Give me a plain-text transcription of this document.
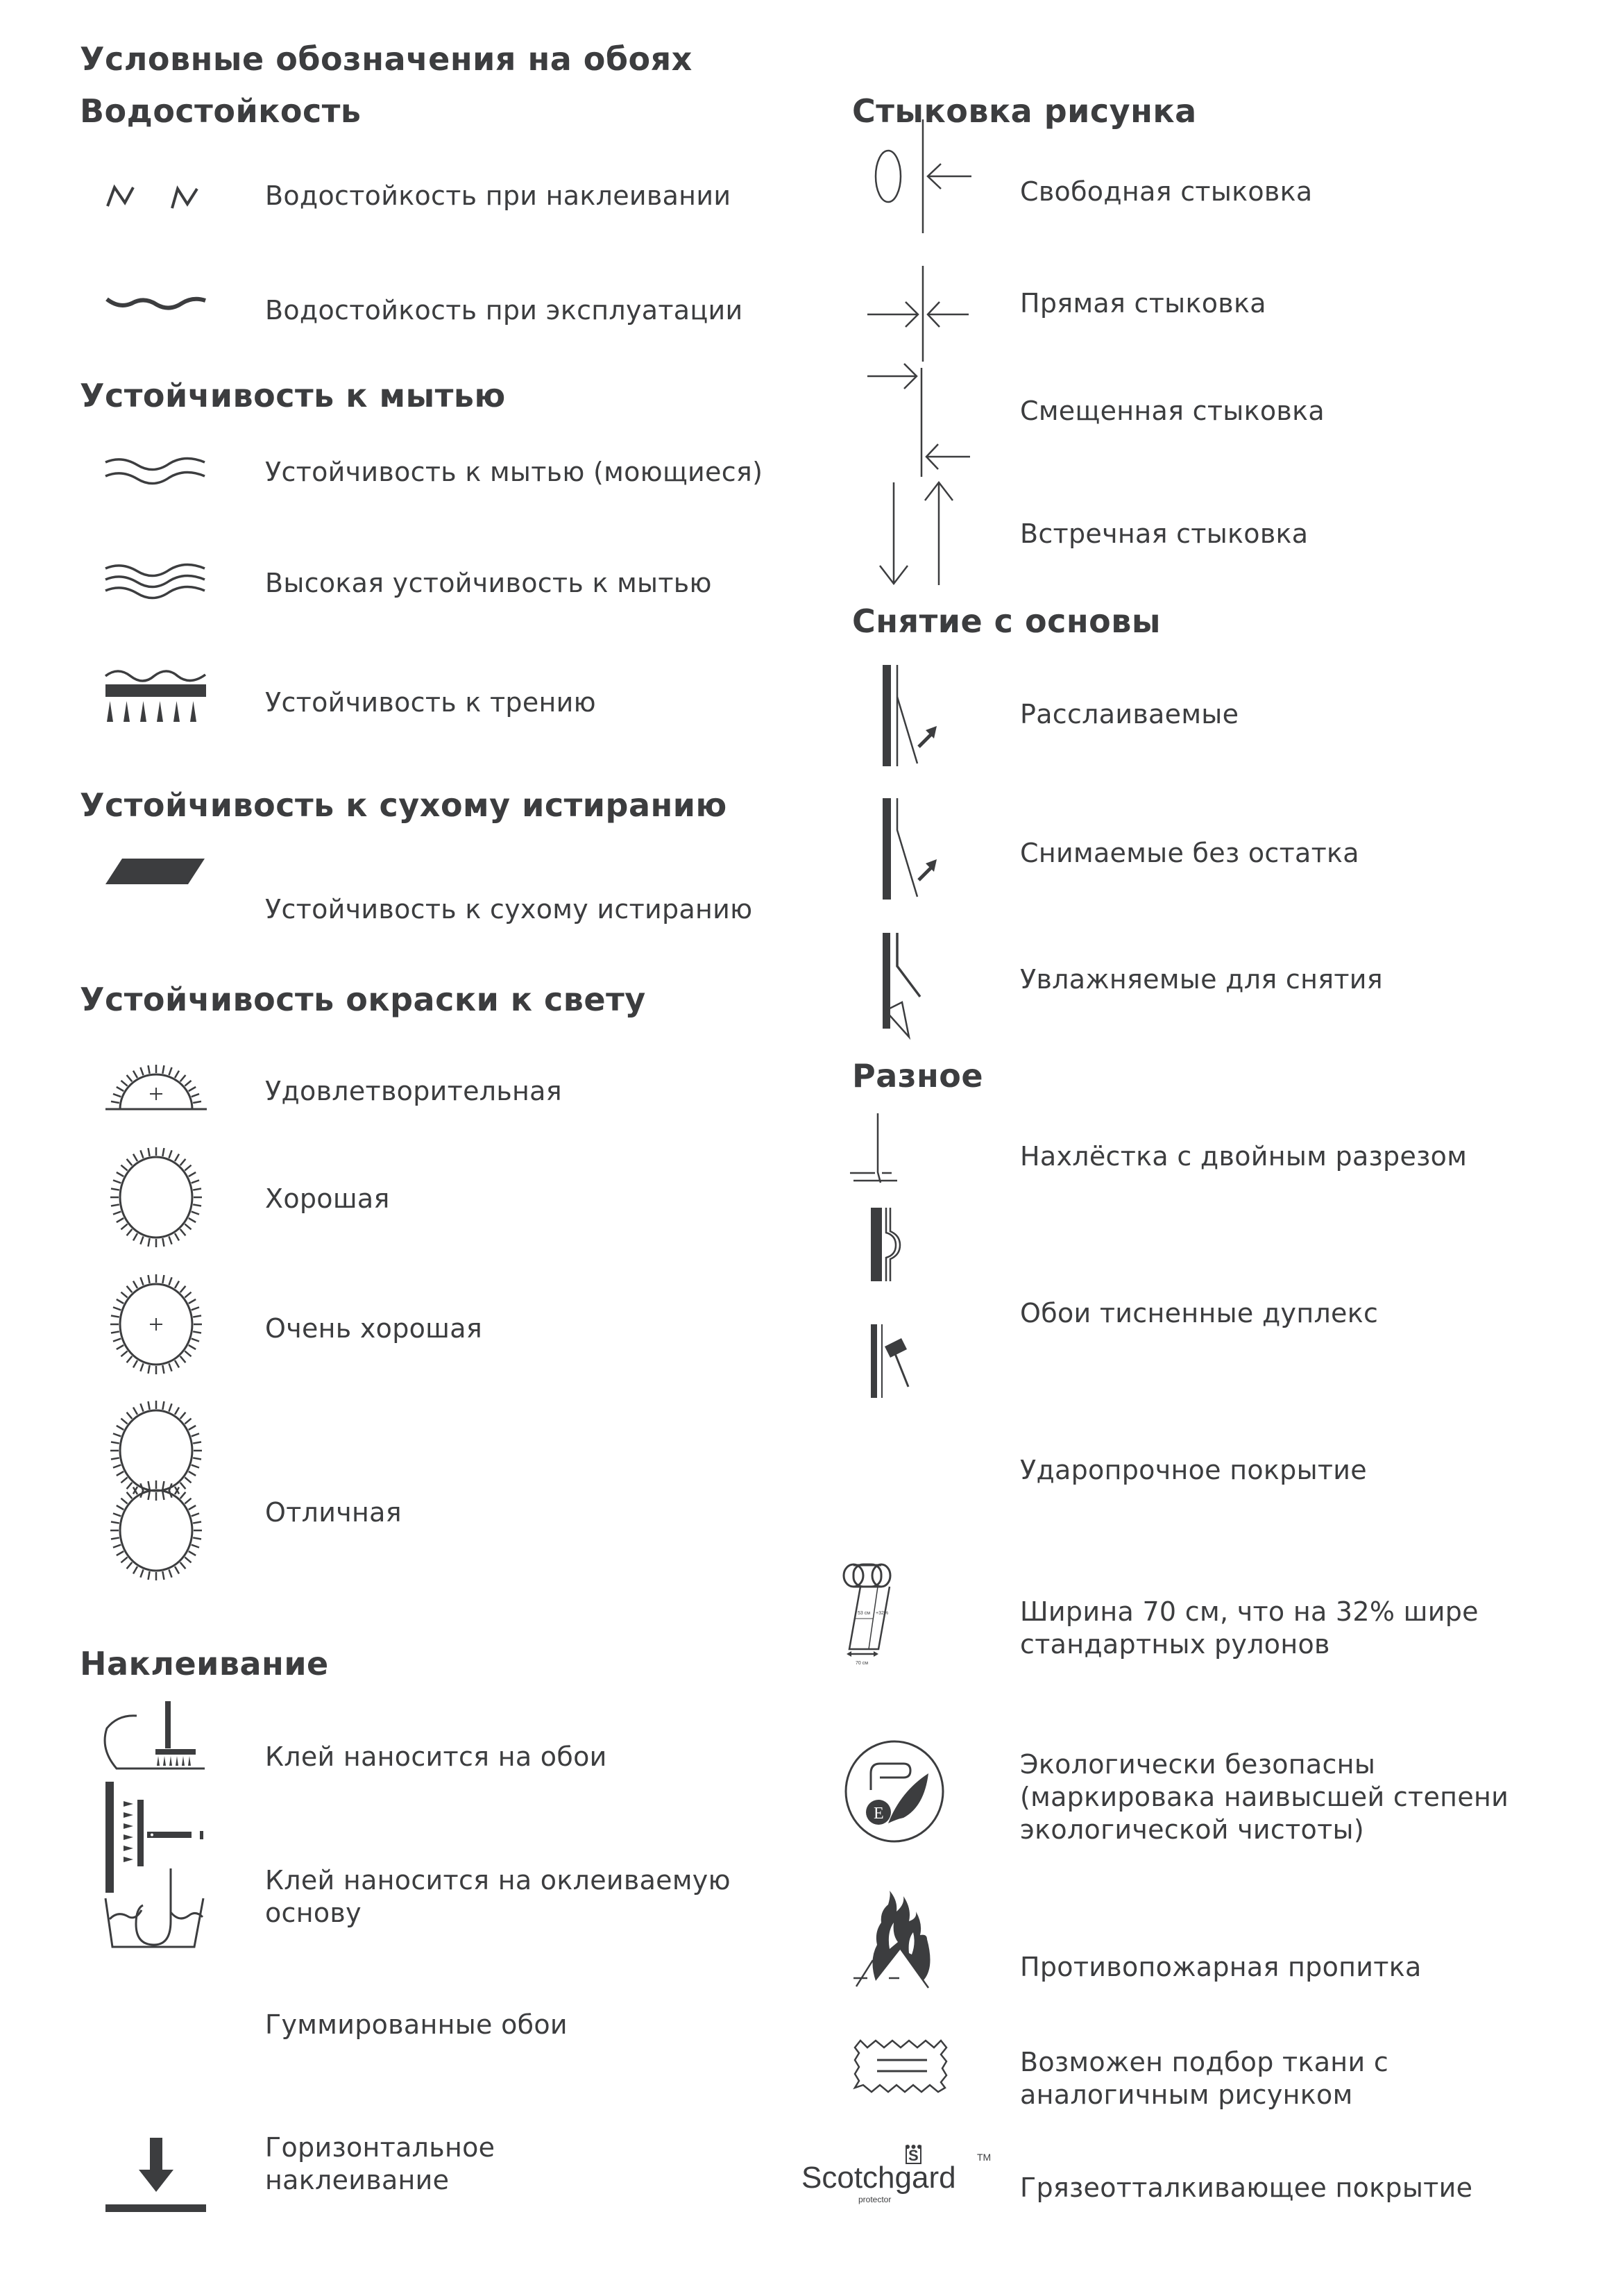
Условные обозначения на обоях
Водостойкость
Водостойкость при наклеивании
Водостойкость при эксплуатации
Устойчивость к мытью
Устойчивость к мытью (моющиеся)
Высокая устойчивость к мытью
Устойчивость к трению
Устойчивость к сухому истиранию
Устойчивость к сухому истиранию
Устойчивость окраски к свету
Удовлетворительная
Хорошая
Очень хорошая
Отличная
Наклеивание
Клей наносится на обои
Клей наносится на оклеиваемую
основу
Гуммированные обои
Горизонтальное
наклеивание
Стыковка рисунка
Свободная стыковка
Прямая стыковка
Смещенная стыковка
Встречная стыковка
Снятие с основы
Расслаиваемые
Снимаемые без остатка
Увлажняемые для снятия
Разное
Нахлёстка с двойным разрезом
Обои тисненные дуплекс
Ударопрочное покрытие
53 см +32%
70 см
Ширина 70 см, что на 32% шире
стандартных рулонов
E
Экологически безопасны
(маркировака наивысшей степени
экологической чистоты)
Противопожарная пропитка
Возможен подбор ткани с
аналогичным рисунком
S
Scotchgard
TM
protector	Грязеотталкивающее покрытие
